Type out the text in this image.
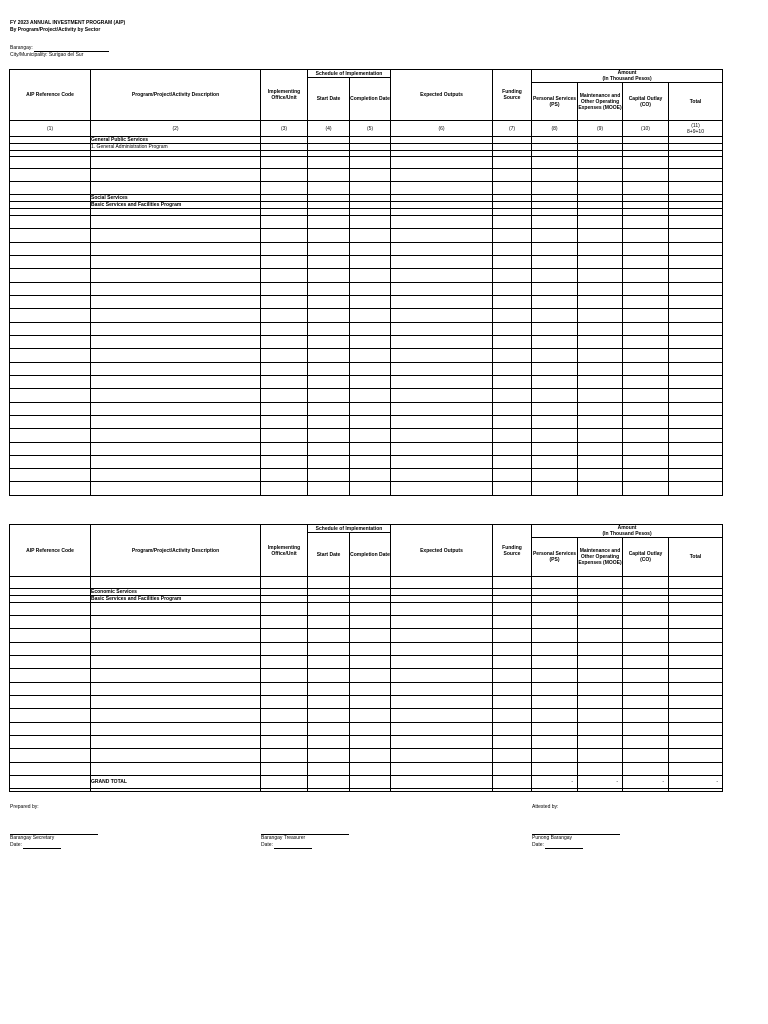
FY 2023 ANNUAL INVESTMENT PROGRAM (AIP)
By Program/Project/Activity by Sector
Barangay:
City/Municipality: Surigao del Sur
AIP Reference Code	Program/Project/Activity Description	Implementing Office/Unit	Schedule of Implementation		Expected Outputs	Funding Source	Amount
(In Thousand Pesos)			

			Start Date	Completion Date						
							Personal Services (PS)	Maintenance and Other Operating Expenses (MOOE)	Capital Outlay (CO)	Total
(1)	(2)	(3)	(4)	(5)	(6)	(7)	(8)	(9)	(10)	(11)
8+9+10

	General Public Services									
	1. General Administration Program									

	Social Services									
	Basic Services and Facilities Program									

AIP Reference Code	Program/Project/Activity Description	Implementing Office/Unit	Schedule of Implementation		Expected Outputs	Funding Source	Amount
(In Thousand Pesos)			

			Start Date	Completion Date						
							Personal Services (PS)	Maintenance and Other Operating Expenses (MOOE)	Capital Outlay (CO)	Total

	Economic Services									
	Basic Services and Facilities Program									

	GRAND TOTAL						-	-	-	-

Prepared by:	Attested by:
Barangay Secretary
Date:
Barangay Treasurer
Date:
Punong Barangay
Date:
